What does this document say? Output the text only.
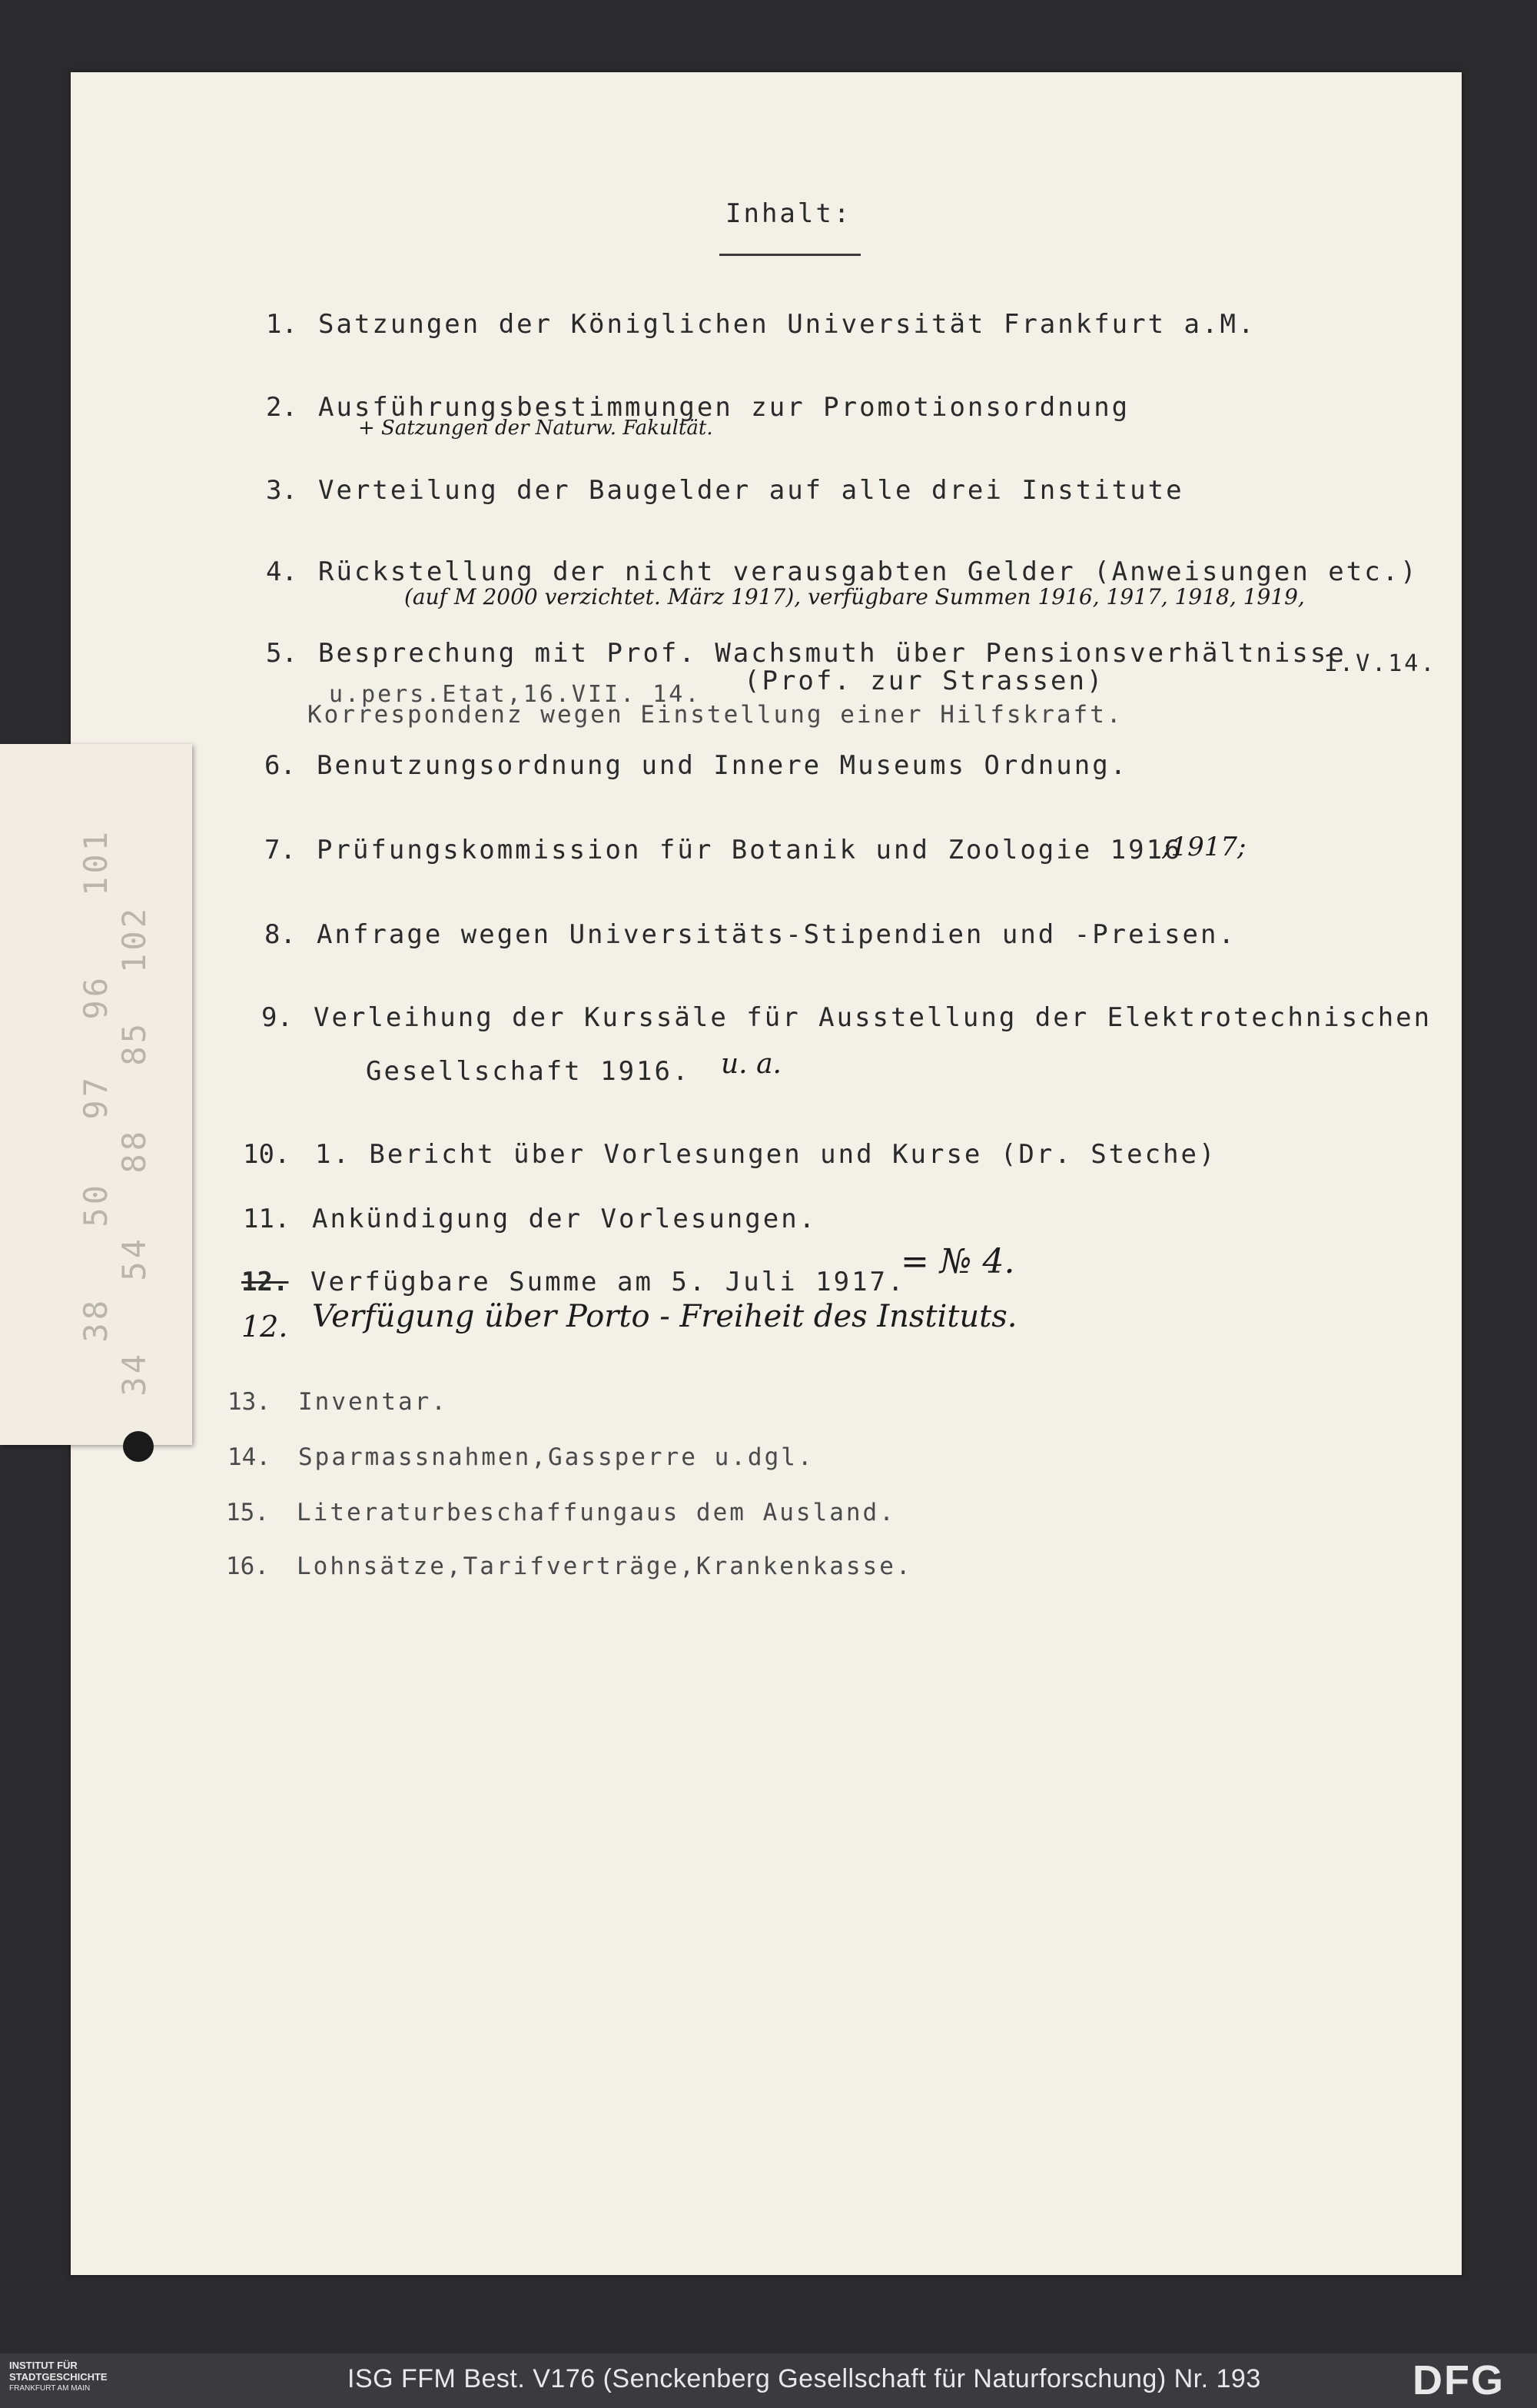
Inhalt:
1. Satzungen der Königlichen Universität Frankfurt a.M.
2. Ausführungsbestimmungen zur Promotionsordnung
+ Satzungen der Naturw. Fakultät.
3. Verteilung der Baugelder auf alle drei Institute
4. Rückstellung der nicht verausgabten Gelder (Anweisungen etc.)
(auf M 2000 verzichtet. März 1917), verfügbare Summen 1916, 1917, 1918, 1919,
5. Besprechung mit Prof. Wachsmuth über Pensionsverhältnisse
1.V.14.
u.pers.Etat,16.VII. 14. (Prof. zur Strassen)
Korrespondenz wegen Einstellung einer Hilfskraft.
6. Benutzungsordnung und Innere Museums Ordnung.
7. Prüfungskommission für Botanik und Zoologie 1916
;1917;
8. Anfrage wegen Universitäts-Stipendien und -Preisen.
9. Verleihung der Kurssäle für Ausstellung der Elektrotechnischen
Gesellschaft 1916. u. a.
10. 1. Bericht über Vorlesungen und Kurse (Dr. Steche)
11. Ankündigung der Vorlesungen.
12. Verfügbare Summe am 5. Juli 1917.
= № 4.
12. Verfügung über Porto - Freiheit des Instituts.
13. Inventar.
14. Sparmassnahmen,Gassperre u.dgl.
15. Literaturbeschaffungaus dem Ausland.
16. Lohnsätze,Tarifverträge,Krankenkasse.
101
102
96
85
97
88
50
54
38
34
INSTITUT FÜR
STADTGESCHICHTE
FRANKFURT AM MAIN	ISG FFM Best. V176 (Senckenberg Gesellschaft für Naturforschung) Nr. 193	DFG
